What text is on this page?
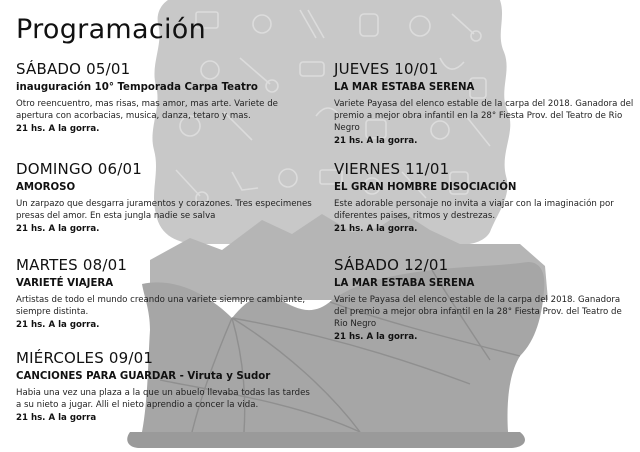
Programación
SÁBADO 05/01
inauguración 10° Temporada Carpa Teatro
Otro reencuentro, mas risas, mas amor, mas arte. Variete de apertura con acorbacias, musica, danza, tetaro y mas.
21 hs. A la gorra.
DOMINGO 06/01
AMOROSO
Un zarpazo que desgarra juramentos y corazones. Tres especimenes presas del amor. En esta jungla nadie se salva
21 hs. A la gorra.
MARTES 08/01
VARIETÉ VIAJERA
Artistas de todo el mundo creando una variete siempre cambiante, siempre distinta.
21 hs. A la gorra.
MIÉRCOLES 09/01
CANCIONES PARA GUARDAR - Viruta y Sudor
Habia una vez una plaza a la que un abuelo llevaba todas las tardes a su nieto a jugar. Alli el nieto aprendio a concer la vida.
21 hs. A la gorra
JUEVES 10/01
LA MAR ESTABA SERENA
Variete Payasa del elenco estable de la carpa del 2018. Ganadora del premio a mejor obra infantil en la 28° Fiesta Prov. del Teatro de Rio Negro
21 hs. A la gorra.
VIERNES 11/01
EL GRAN HOMBRE DISOCIACIÓN
Este adorable personaje no invita a viajar con la imaginación por diferentes paises, ritmos y destrezas.
21 hs. A la gorra.
SÁBADO 12/01
LA MAR ESTABA SERENA
Varie te Payasa del elenco estable de la carpa del 2018. Ganadora del premio a mejor obra infantil en la 28° Fiesta Prov. del Teatro de Rio Negro
21 hs. A la gorra.
